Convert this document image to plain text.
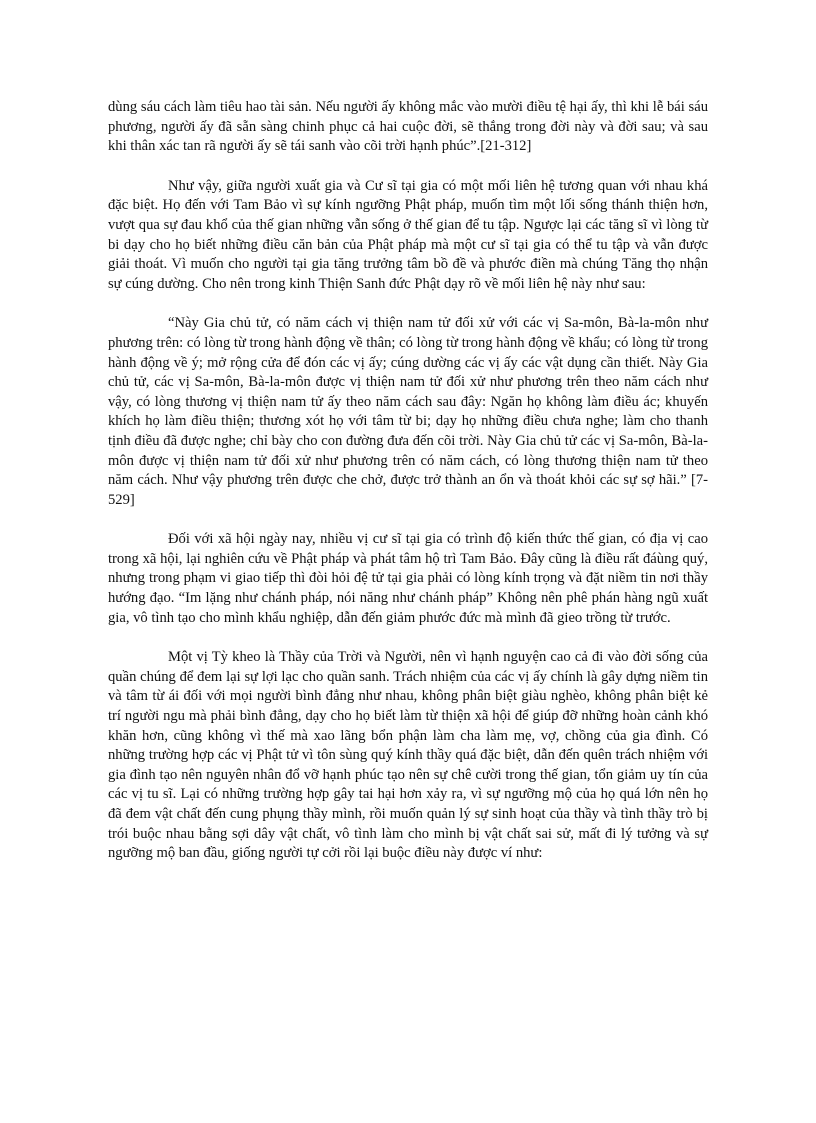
dùng sáu cách làm tiêu hao tài sản. Nếu người ấy không mắc vào mười điều tệ hại ấy, thì khi lễ bái sáu phương, người ấy đã sẵn sàng chinh phục cả hai cuộc đời, sẽ thắng trong đời này và đời sau; và sau khi thân xác tan rã người ấy sẽ tái sanh vào cõi trời hạnh phúc”.[21-312]

Như vậy, giữa người xuất gia và Cư sĩ tại gia có một mối liên hệ tương quan với nhau khá đặc biệt. Họ đến với Tam Bảo vì sự kính ngưỡng Phật pháp, muốn tìm một lối sống thánh thiện hơn, vượt qua sự đau khổ của thế gian những vẫn sống ở thế gian để tu tập. Ngược lại các tăng sĩ vì lòng từ bi dạy cho họ biết những điều căn bản của Phật pháp mà một cư sĩ tại gia có thể tu tập và vẫn được giải thoát. Vì muốn cho người tại gia tăng trưởng tâm bồ đề và phước điền mà chúng Tăng thọ nhận sự cúng dường. Cho nên trong kinh Thiện Sanh đức Phật dạy rõ về mối liên hệ này như sau:

“Này Gia chủ tử, có năm cách vị thiện nam tử đối xử với các vị Sa-môn, Bà-la-môn như phương trên: có lòng từ trong hành động về thân; có lòng từ trong hành động về khẩu; có lòng từ trong hành động về ý; mở rộng cửa để đón các vị ấy; cúng dường các vị ấy các vật dụng cần thiết. Này Gia chủ tử, các vị Sa-môn, Bà-la-môn được vị thiện nam tử đối xử như phương trên theo năm cách như vậy, có lòng thương vị thiện nam tử ấy theo năm cách sau đây: Ngăn họ không làm điều ác; khuyến khích họ làm điều thiện; thương xót họ với tâm từ bi; dạy họ những điều chưa nghe; làm cho thanh tịnh điều đã được nghe; chỉ bày cho con đường đưa đến cõi trời. Này Gia chủ tử các vị Sa-môn, Bà-la-môn được vị thiện nam tử đối xử như phương trên có năm cách, có lòng thương thiện nam tử theo năm cách. Như vậy phương trên được che chở, được trở thành an ổn và thoát khỏi các sự sợ hãi.” [7-529]

Đối với xã hội ngày nay, nhiều vị cư sĩ tại gia có trình độ kiến thức thế gian, có địa vị cao trong xã hội, lại nghiên cứu về Phật pháp và phát tâm hộ trì Tam Bảo. Đây cũng là điều rất đáùng quý, nhưng trong phạm vi giao tiếp thì đòi hỏi đệ tử tại gia phải có lòng kính trọng và đặt niềm tin nơi thầy hướng đạo. “Im lặng như chánh pháp, nói năng như chánh pháp” Không nên phê phán hàng ngũ xuất gia, vô tình tạo cho mình khẩu nghiệp, dẫn đến giảm phước đức mà mình đã gieo trồng từ trước.

Một vị Tỳ kheo là Thầy của Trời và Người, nên vì hạnh nguyện cao cả đi vào đời sống của quần chúng để đem lại sự lợi lạc cho quần sanh. Trách nhiệm của các vị ấy chính là gây dựng niềm tin và tâm từ ái đối với mọi người bình đẳng như nhau, không phân biệt giàu nghèo, không phân biệt kẻ trí người ngu mà phải bình đẳng, dạy cho họ biết làm từ thiện xã hội để giúp đỡ những hoàn cảnh khó khăn hơn, cũng không vì thế mà xao lãng bổn phận làm cha làm mẹ, vợ, chồng của gia đình. Có những trường hợp các vị Phật tử vì tôn sùng quý kính thầy quá đặc biệt, dẫn đến quên trách nhiệm với gia đình tạo nên nguyên nhân đổ vỡ hạnh phúc tạo nên sự chê cười trong thế gian, tổn giảm uy tín của các vị tu sĩ. Lại có những trường hợp gây tai hại hơn xảy ra, vì sự ngưỡng mộ của họ quá lớn nên họ đã đem vật chất đến cung phụng thầy mình, rồi muốn quản lý sự sinh hoạt của thầy và tình thầy trò bị trói buộc nhau bằng sợi dây vật chất, vô tình làm cho mình bị vật chất sai sử, mất đi lý tưởng và sự ngưỡng mộ ban đầu, giống người tự cởi rồi lại buộc điều này được ví như:
